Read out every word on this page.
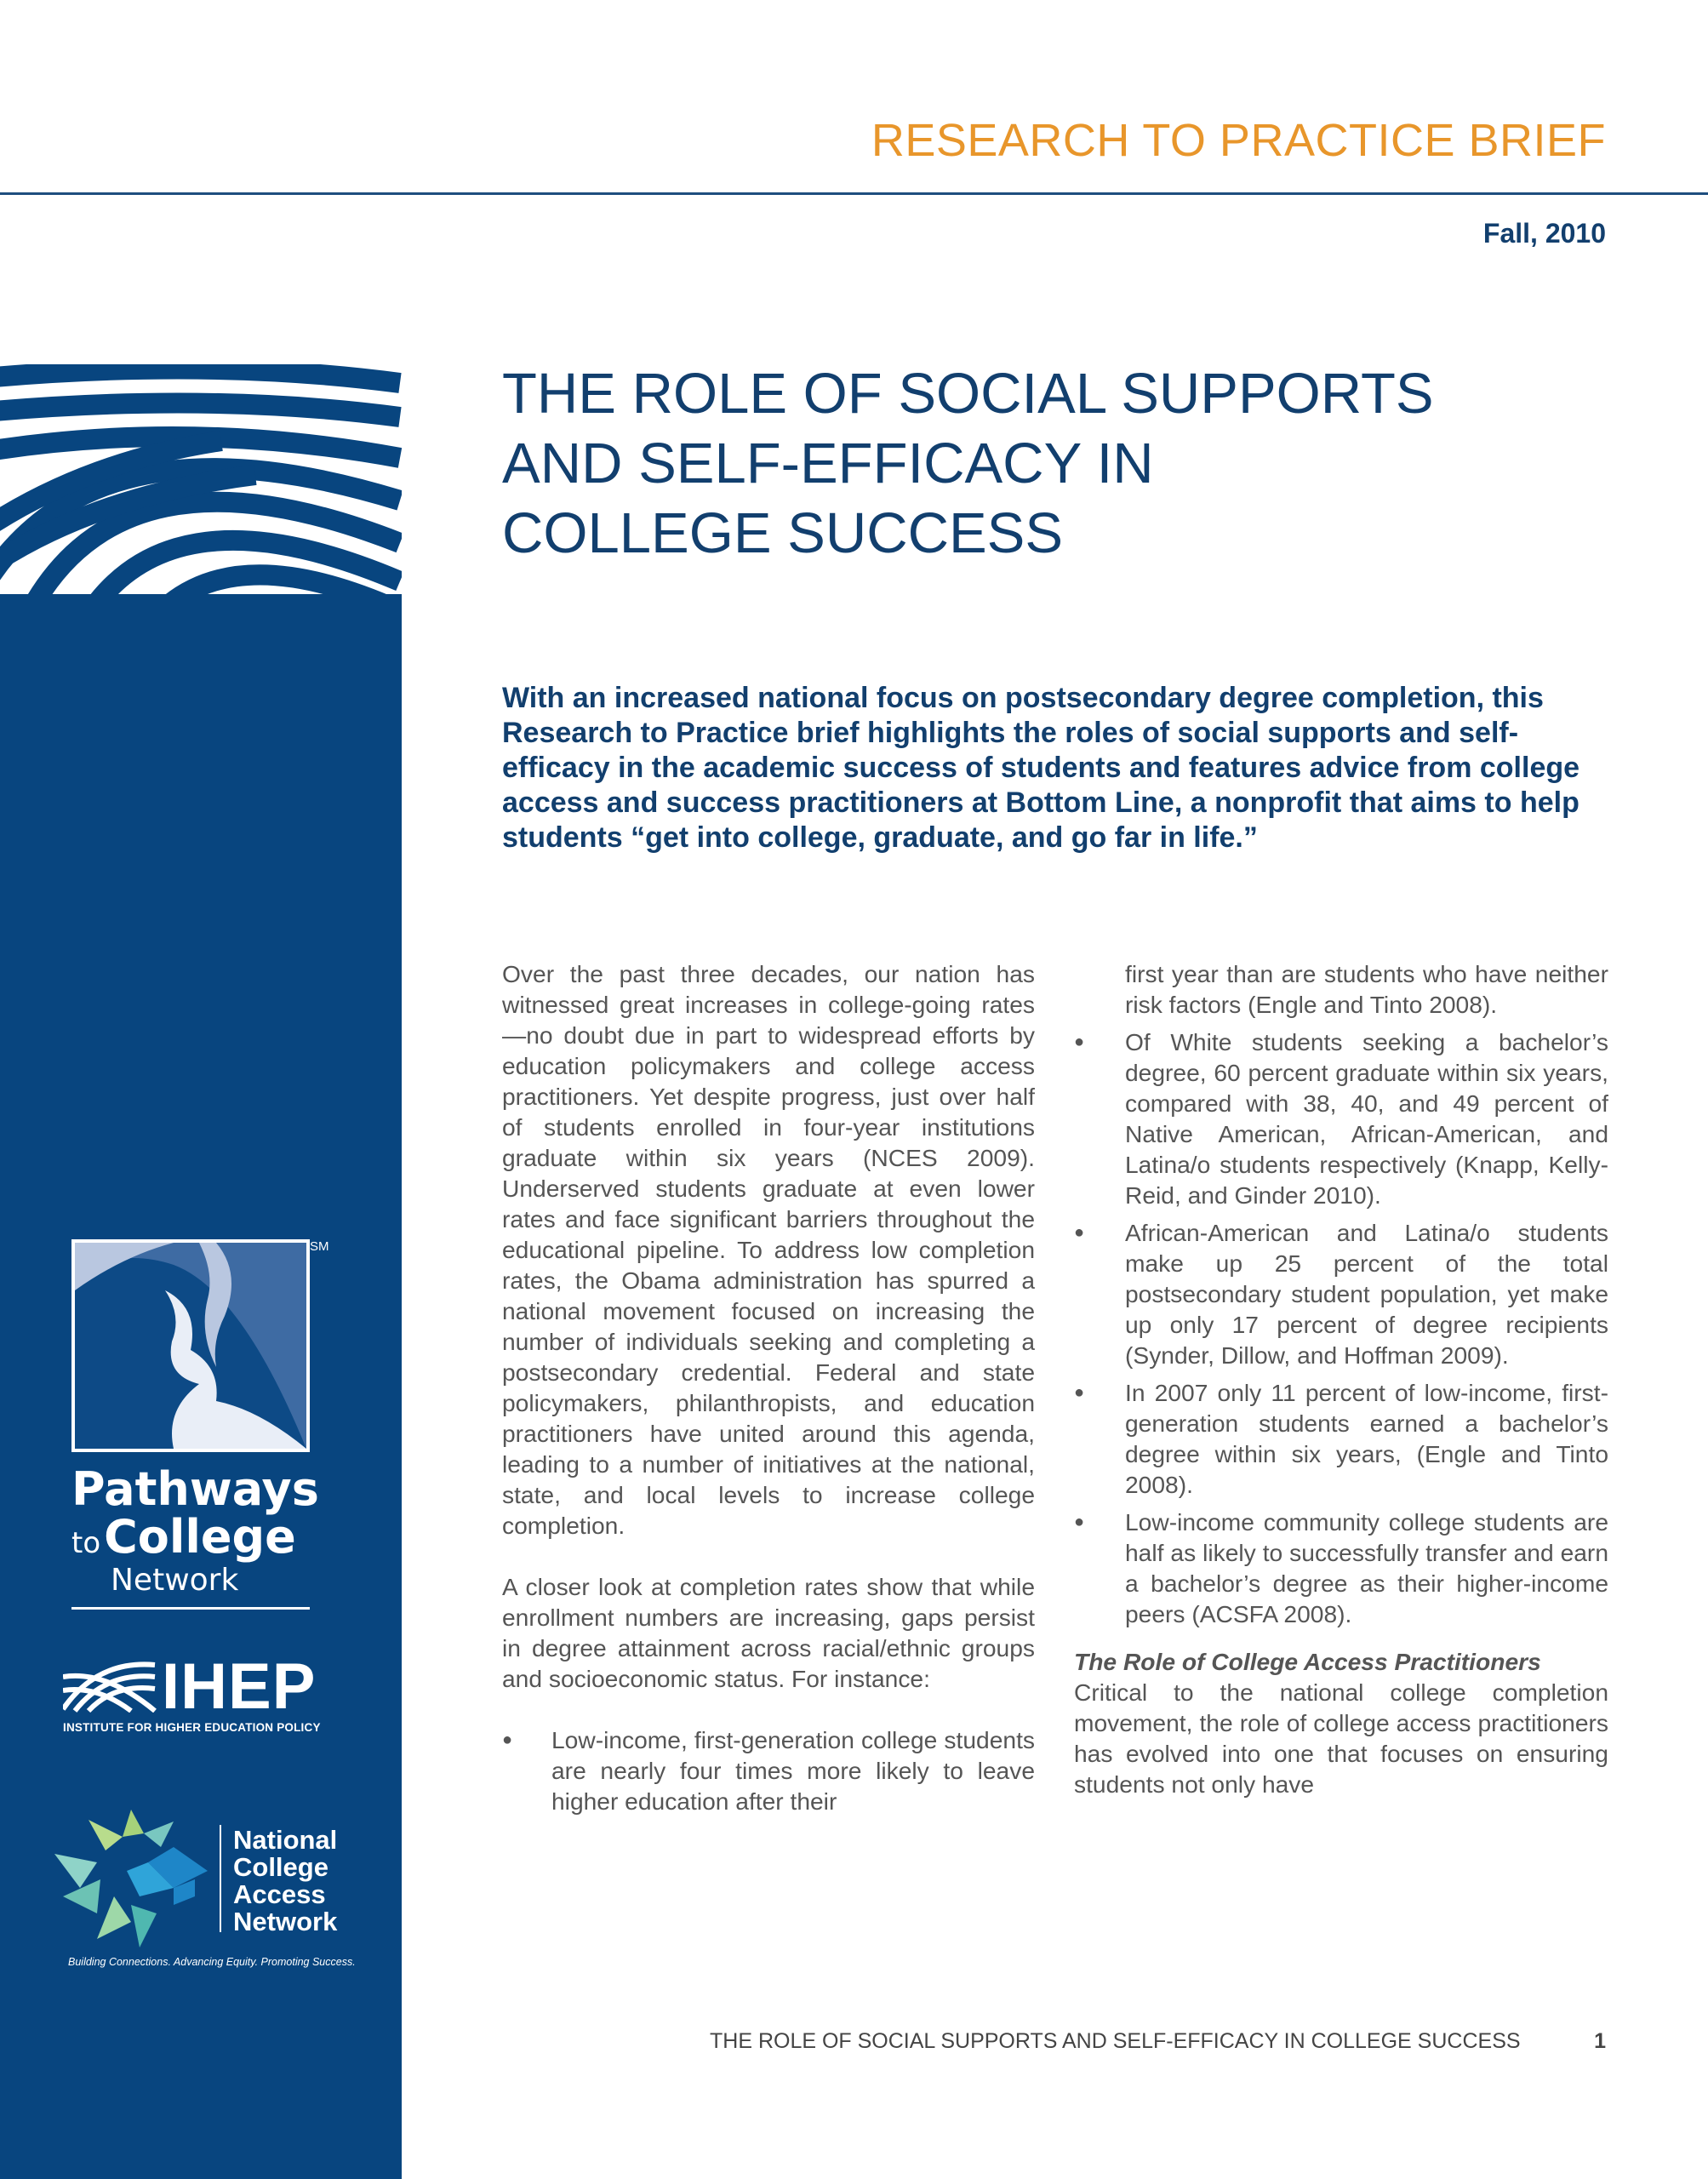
RESEARCH TO PRACTICE BRIEF
Fall, 2010
SM
Pathways
toCollege
Network
IHEP
INSTITUTE FOR HIGHER EDUCATION POLICY
National
College
Access
Network
Building Connections. Advancing Equity. Promoting Success.
THE ROLE OF SOCIAL SUPPORTS
AND SELF-EFFICACY IN
COLLEGE SUCCESS
With an increased national focus on postsecondary degree completion, this Research to Practice brief highlights the roles of social supports and self-efficacy in the academic success of students and features advice from college access and success practitioners at Bottom Line, a nonprofit that aims to help students “get into college, graduate, and go far in life.”

Over the past three decades, our nation has witnessed great increases in college-going rates—no doubt due in part to widespread efforts by education policymakers and college access practitioners. Yet despite progress, just over half of students enrolled in four-year institutions graduate within six years (NCES 2009). Underserved students graduate at even lower rates and face significant barriers throughout the educational pipeline. To address low completion rates, the Obama administration has spurred a national movement focused on increasing the number of individuals seeking and completing a postsecondary credential. Federal and state policymakers, philanthropists, and education practitioners have united around this agenda, leading to a number of initiatives at the national, state, and local levels to increase college completion.

A closer look at completion rates show that while enrollment numbers are increasing, gaps persist in degree attainment across racial/ethnic groups and socioeconomic status. For instance:

● Low-income, first-generation college students are nearly four times more likely to leave higher education after their

first year than are students who have neither risk factors (Engle and Tinto 2008).

● Of White students seeking a bachelor’s degree, 60 percent graduate within six years, compared with 38, 40, and 49 percent of Native American, African-American, and Latina/o students respectively (Knapp, Kelly-Reid, and Ginder 2010).
● African-American and Latina/o students make up 25 percent of the total postsecondary student population, yet make up only 17 percent of degree recipients (Synder, Dillow, and Hoffman 2009).
● In 2007 only 11 percent of low-income, first-generation students earned a bachelor’s degree within six years, (Engle and Tinto 2008).
● Low-income community college students are half as likely to successfully transfer and earn a bachelor’s degree as their higher-income peers (ACSFA 2008).

The Role of College Access Practitioners

Critical to the national college completion movement, the role of college access practitioners has evolved into one that focuses on ensuring students not only have

THE ROLE OF SOCIAL SUPPORTS AND SELF-EFFICACY IN COLLEGE SUCCESS	1
